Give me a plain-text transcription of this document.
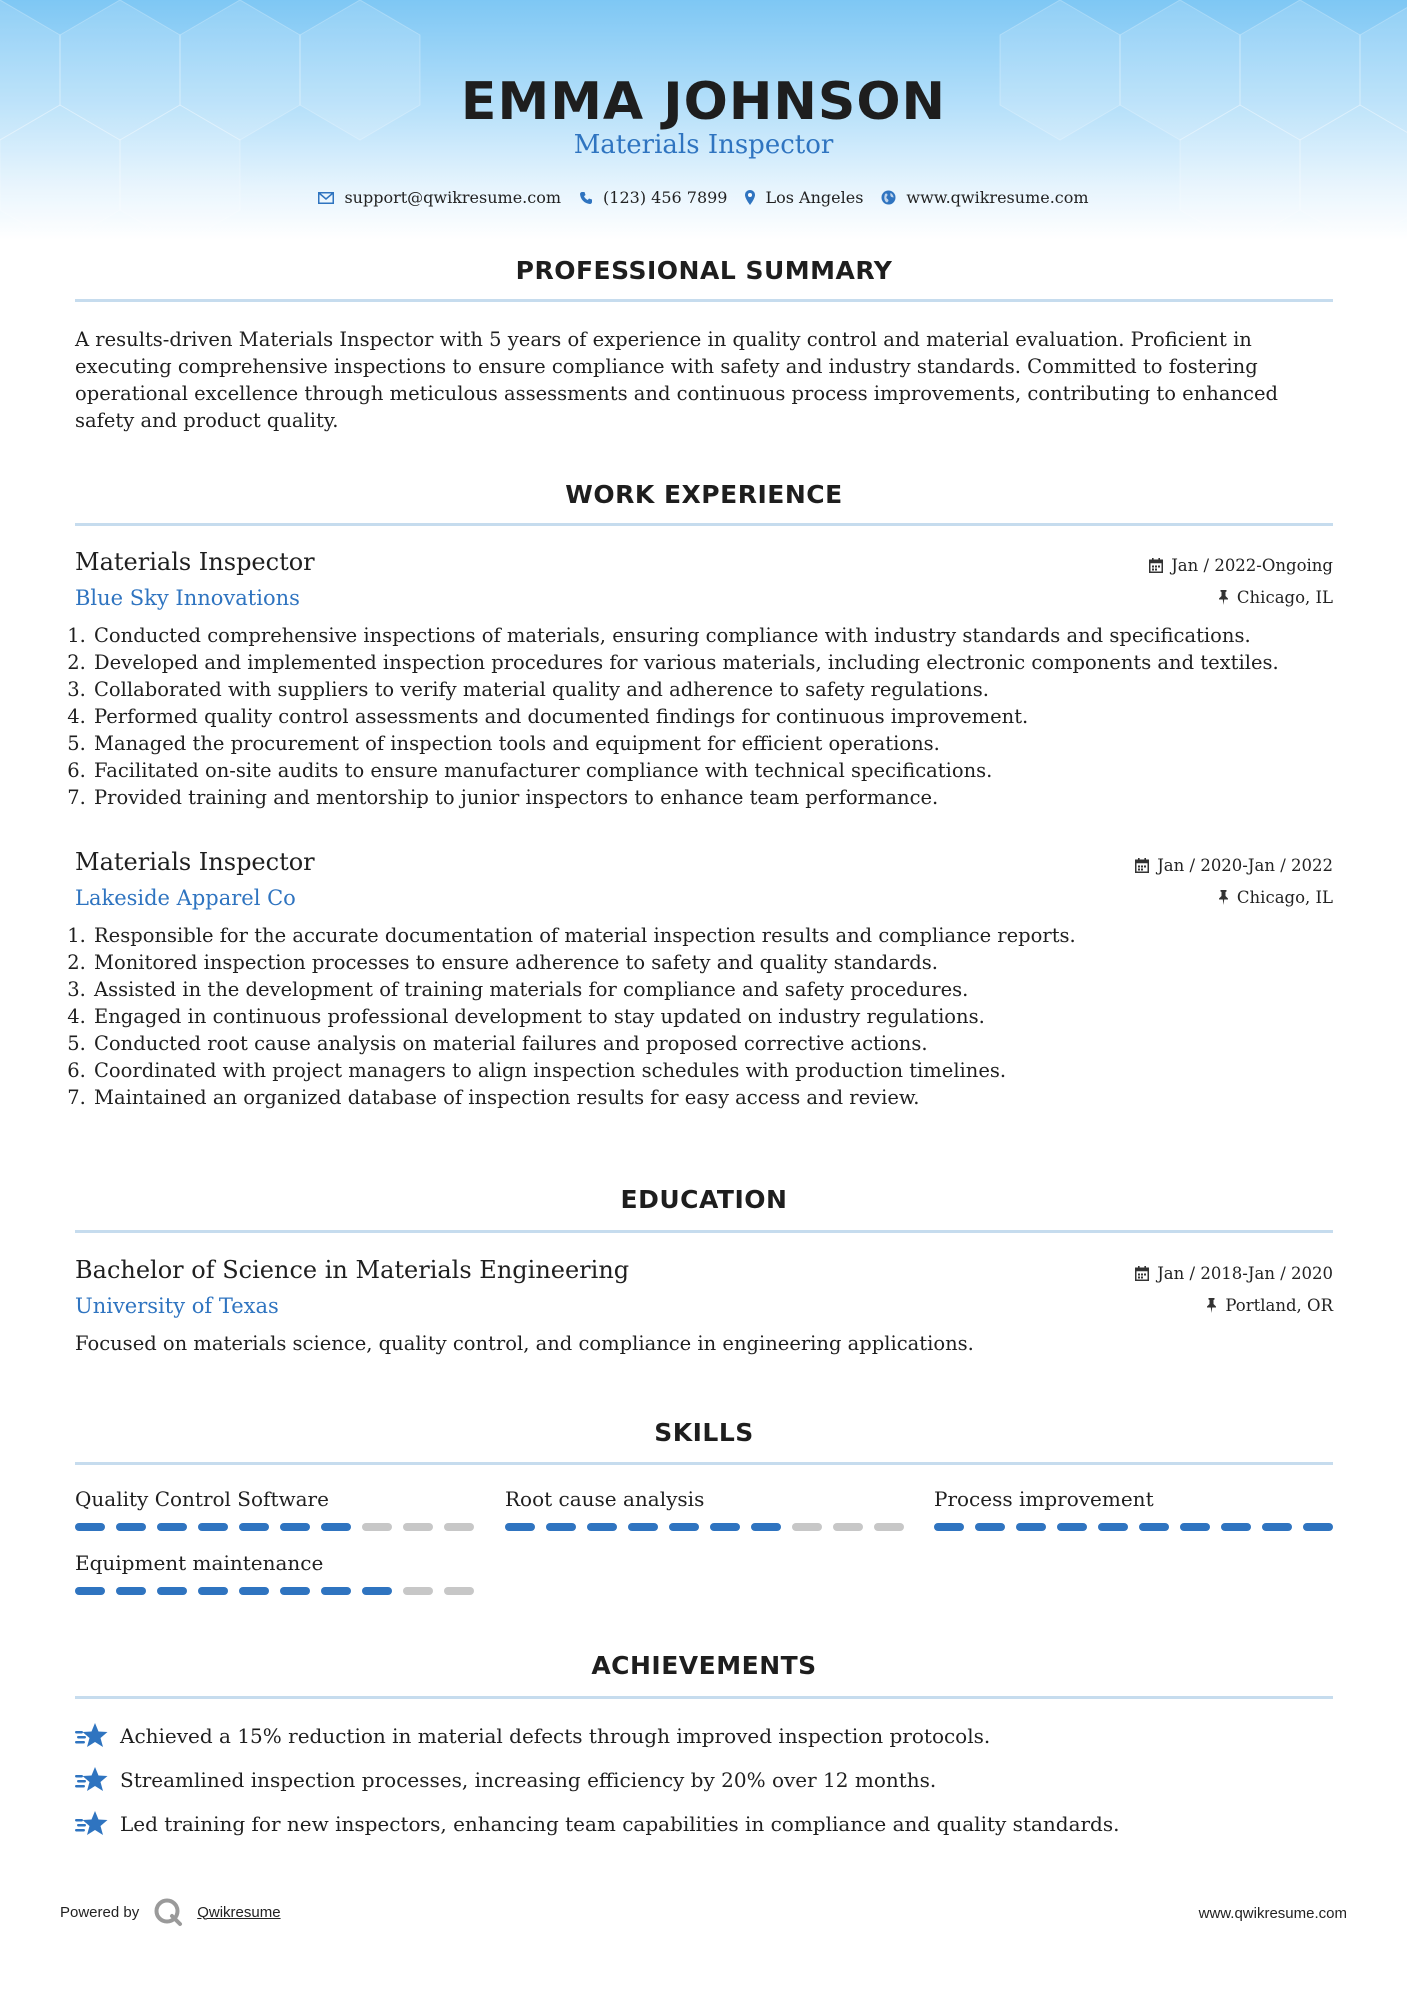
EMMA JOHNSON
Materials Inspector
support@qwikresume.com	(123) 456 7899 Los Angeles	www.qwikresume.com
PROFESSIONAL SUMMARY
A results-driven Materials Inspector with 5 years of experience in quality control and material evaluation. Proficient in executing comprehensive inspections to ensure compliance with safety and industry standards. Committed to fostering operational excellence through meticulous assessments and continuous process improvements, contributing to enhanced safety and product quality.
WORK EXPERIENCE
Materials Inspector
Blue Sky Innovations
Jan / 2022-Ongoing
Chicago, IL
1. Conducted comprehensive inspections of materials, ensuring compliance with industry standards and specifications.
2. Developed and implemented inspection procedures for various materials, including electronic components and textiles.
3. Collaborated with suppliers to verify material quality and adherence to safety regulations.
4. Performed quality control assessments and documented findings for continuous improvement.
5. Managed the procurement of inspection tools and equipment for efficient operations.
6. Facilitated on-site audits to ensure manufacturer compliance with technical specifications.
7. Provided training and mentorship to junior inspectors to enhance team performance.
Materials Inspector
Lakeside Apparel Co
Jan / 2020-Jan / 2022
Chicago, IL
1. Responsible for the accurate documentation of material inspection results and compliance reports.
2. Monitored inspection processes to ensure adherence to safety and quality standards.
3. Assisted in the development of training materials for compliance and safety procedures.
4. Engaged in continuous professional development to stay updated on industry regulations.
5. Conducted root cause analysis on material failures and proposed corrective actions.
6. Coordinated with project managers to align inspection schedules with production timelines.
7. Maintained an organized database of inspection results for easy access and review.
EDUCATION
Bachelor of Science in Materials Engineering
University of Texas
Jan / 2018-Jan / 2020
Portland, OR
Focused on materials science, quality control, and compliance in engineering applications.
SKILLS
Quality Control Software	Root cause analysis	Process improvement
Equipment maintenance
ACHIEVEMENTS
Achieved a 15% reduction in material defects through improved inspection protocols.
Streamlined inspection processes, increasing efficiency by 20% over 12 months.
Led training for new inspectors, enhancing team capabilities in compliance and quality standards.
Powered by	Qwikresume	www.qwikresume.com
